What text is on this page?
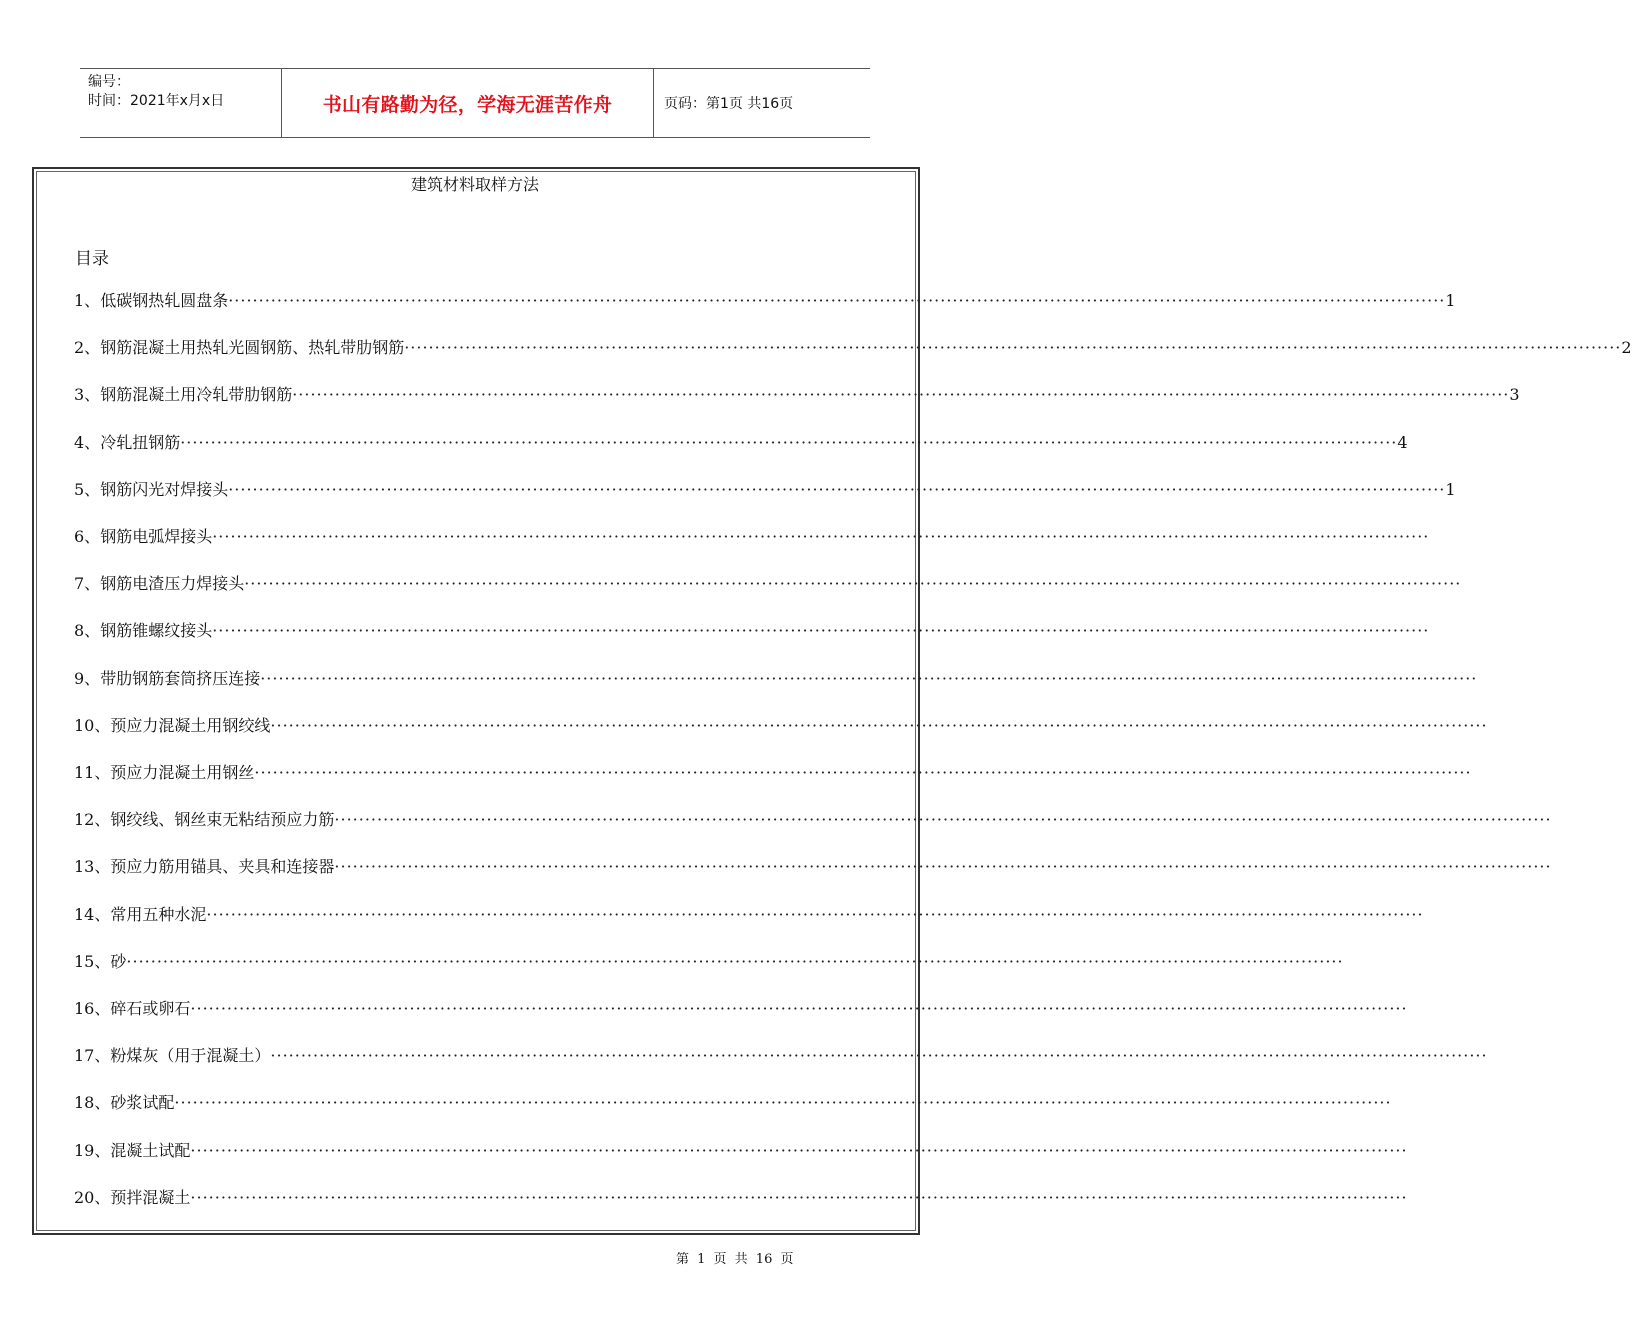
编号：
时间：2021年x月x日	书山有路勤为径，学海无涯苦作舟	页码：第1页 共16页
建筑材料取样方法
目录
1、 低碳钢热轧圆盘条 ········································································································································································································ 1
2、 钢筋混凝土用热轧光圆钢筋、热轧带肋钢筋 ········································································································································································································ 2
3、 钢筋混凝土用冷轧带肋钢筋 ········································································································································································································ 3
4、 冷轧扭钢筋 ········································································································································································································ 4
5、 钢筋闪光对焊接头 ········································································································································································································ 1
6、 钢筋电弧焊接头 ········································································································································································································
7、 钢筋电渣压力焊接头 ········································································································································································································
8、 钢筋锥螺纹接头 ········································································································································································································
9、 带肋钢筋套筒挤压连接 ········································································································································································································
10、 预应力混凝土用钢绞线 ········································································································································································································
11、 预应力混凝土用钢丝 ········································································································································································································
12、 钢绞线、钢丝束无粘结预应力筋 ········································································································································································································
13、 预应力筋用锚具、夹具和连接器 ········································································································································································································
14、 常用五种水泥 ········································································································································································································
15、 砂 ········································································································································································································
16、 碎石或卵石 ········································································································································································································
17、 粉煤灰（用于混凝土） ········································································································································································································
18、 砂浆试配 ········································································································································································································
19、 混凝土试配 ········································································································································································································
20、 预拌混凝土 ········································································································································································································
第 1 页 共 16 页
